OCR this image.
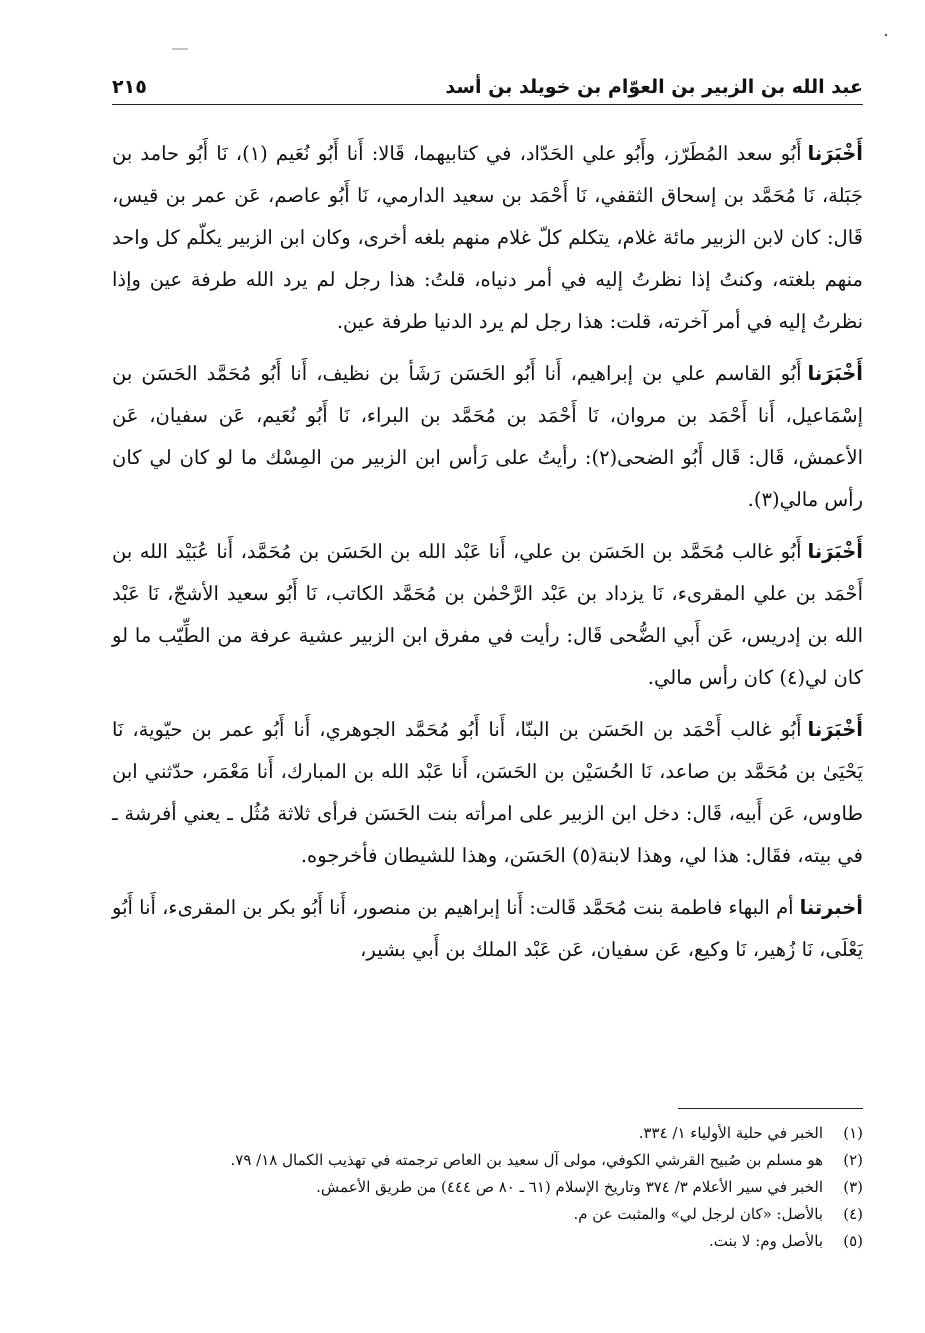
عبد الله بن الزبير بن العوّام بن خويلد بن أسد
٢١٥

أَخْبَرَناأَبُو سعد المُطَرّز، وأَبُو علي الحَدّاد، في كتابيهما، قَالا: أَنا أَبُو نُعَيم (١)، نَا أَبُو حامد بن جَبَلة، نَا مُحَمَّد بن إسحاق الثقفي، نَا أَحْمَد بن سعيد الدارمي، نَا أَبُو عاصم، عَن عمر بن قيس، قَال: كان لابن الزبير مائة غلام، يتكلم كلّ غلام منهم بلغه أخرى، وكان ابن الزبير يكلّم كل واحد منهم بلغته، وكنتُ إذا نظرتُ إليه في أمر دنياه، قلتُ: هذا رجل لم يرد الله طرفة عين وإذا نظرتُ إليه في أمر آخرته، قلت: هذا رجل لم يرد الدنيا طرفة عين.

أَخْبَرَناأَبُو القاسم علي بن إبراهيم، أَنا أَبُو الحَسَن رَشَأ بن نظيف، أَنا أَبُو مُحَمَّد الحَسَن بن إسْمَاعيل، أَنا أَحْمَد بن مروان، نَا أَحْمَد بن مُحَمَّد بن البراء، نَا أَبُو نُعَيم، عَن سفيان، عَن الأعمش، قَال: قَال أَبُو الضحى(٢): رأيتُ على رَأس ابن الزبير من المِسْك ما لو كان لي كان رأس مالي(٣).

أَخْبَرَناأَبُو غالب مُحَمَّد بن الحَسَن بن علي، أَنا عَبْد الله بن الحَسَن بن مُحَمَّد، أَنا عُبَيْد الله بن أَحْمَد بن علي المقرىء، نَا يزداد بن عَبْد الرَّحْمٰن بن مُحَمَّد الكاتب، نَا أَبُو سعيد الأشجّ، نَا عَبْد الله بن إدريس، عَن أَبي الضُّحى قَال: رأيت في مفرق ابن الزبير عشية عرفة من الطِّيّب ما لو كان لي(٤) كان رأس مالي.

أَخْبَرَناأَبُو غالب أَحْمَد بن الحَسَن بن البنّا، أَنا أَبُو مُحَمَّد الجوهري، أَنا أَبُو عمر بن حيّوية، نَا يَحْيَىٰ بن مُحَمَّد بن صاعد، نَا الحُسَيْن بن الحَسَن، أَنا عَبْد الله بن المبارك، أَنا مَعْمَر، حدّثني ابن طاوس، عَن أَبيه، قَال: دخل ابن الزبير على امرأته بنت الحَسَن فرأى ثلاثة مُثُل ـ يعني أفرشة ـ في بيته، فقَال: هذا لي، وهذا لابنة(٥) الحَسَن، وهذا للشيطان فأخرجوه.

أخبرتناأم البهاء فاطمة بنت مُحَمَّد قَالت: أَنا إبراهيم بن منصور، أَنا أَبُو بكر بن المقرىء، أَنا أَبُو يَعْلَى، نَا زُهير، نَا وكيع، عَن سفيان، عَن عَبْد الملك بن أَبي بشير،

(١)
الخبر في حلية الأولياء ١/ ٣٣٤.
(٢)
هو مسلم بن صُبيح القرشي الكوفي، مولى آل سعيد بن العاص ترجمته في تهذيب الكمال ١٨/ ٧٩.
(٣)
الخبر في سير الأعلام ٣/ ٣٧٤ وتاريخ الإسلام (٦١ ـ ٨٠ ص ٤٤٤) من طريق الأعمش.
(٤)
بالأصل: «كان لرجل لي» والمثبت عن م.
(٥)
بالأصل وم: لا بنت.
